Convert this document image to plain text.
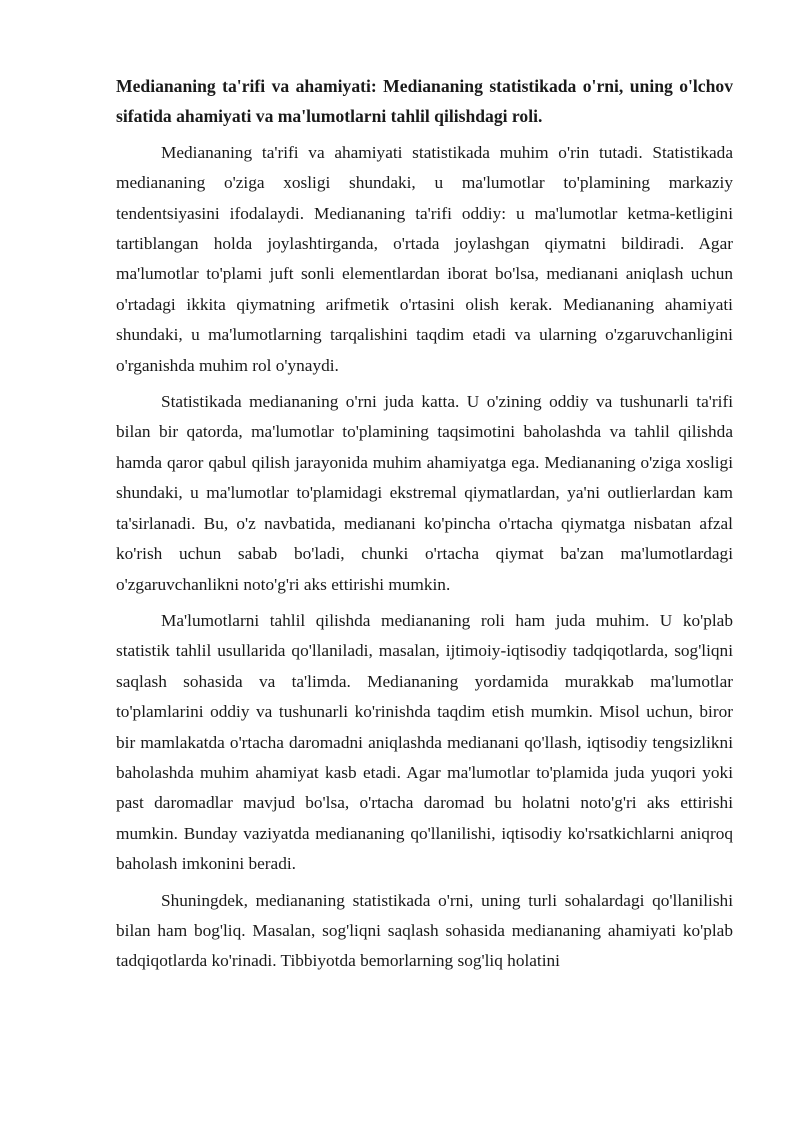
Mediananing ta'rifi va ahamiyati: Mediananing statistikada o'rni, uning o'lchov sifatida ahamiyati va ma'lumotlarni tahlil qilishdagi roli.

Mediananing ta'rifi va ahamiyati statistikada muhim o'rin tutadi. Statistikada mediananing o'ziga xosligi shundaki, u ma'lumotlar to'plamining markaziy tendentsiyasini ifodalaydi. Mediananing ta'rifi oddiy: u ma'lumotlar ketma-ketligini tartiblangan holda joylashtirganda, o'rtada joylashgan qiymatni bildiradi. Agar ma'lumotlar to'plami juft sonli elementlardan iborat bo'lsa, medianani aniqlash uchun o'rtadagi ikkita qiymatning arifmetik o'rtasini olish kerak. Mediananing ahamiyati shundaki, u ma'lumotlarning tarqalishini taqdim etadi va ularning o'zgaruvchanligini o'rganishda muhim rol o'ynaydi.

Statistikada mediananing o'rni juda katta. U o'zining oddiy va tushunarli ta'rifi bilan bir qatorda, ma'lumotlar to'plamining taqsimotini baholashda va tahlil qilishda hamda qaror qabul qilish jarayonida muhim ahamiyatga ega. Mediananing o'ziga xosligi shundaki, u ma'lumotlar to'plamidagi ekstremal qiymatlardan, ya'ni outlierlardan kam ta'sirlanadi. Bu, o'z navbatida, medianani ko'pincha o'rtacha qiymatga nisbatan afzal ko'rish uchun sabab bo'ladi, chunki o'rtacha qiymat ba'zan ma'lumotlardagi o'zgaruvchanlikni noto'g'ri aks ettirishi mumkin.

Ma'lumotlarni tahlil qilishda mediananing roli ham juda muhim. U ko'plab statistik tahlil usullarida qo'llaniladi, masalan, ijtimoiy-iqtisodiy tadqiqotlarda, sog'liqni saqlash sohasida va ta'limda. Mediananing yordamida murakkab ma'lumotlar to'plamlarini oddiy va tushunarli ko'rinishda taqdim etish mumkin. Misol uchun, biror bir mamlakatda o'rtacha daromadni aniqlashda medianani qo'llash, iqtisodiy tengsizlikni baholashda muhim ahamiyat kasb etadi. Agar ma'lumotlar to'plamida juda yuqori yoki past daromadlar mavjud bo'lsa, o'rtacha daromad bu holatni noto'g'ri aks ettirishi mumkin. Bunday vaziyatda mediananing qo'llanilishi, iqtisodiy ko'rsatkichlarni aniqroq baholash imkonini beradi.

Shuningdek, mediananing statistikada o'rni, uning turli sohalardagi qo'llanilishi bilan ham bog'liq. Masalan, sog'liqni saqlash sohasida mediananing ahamiyati ko'plab tadqiqotlarda ko'rinadi. Tibbiyotda bemorlarning sog'liq holatini
